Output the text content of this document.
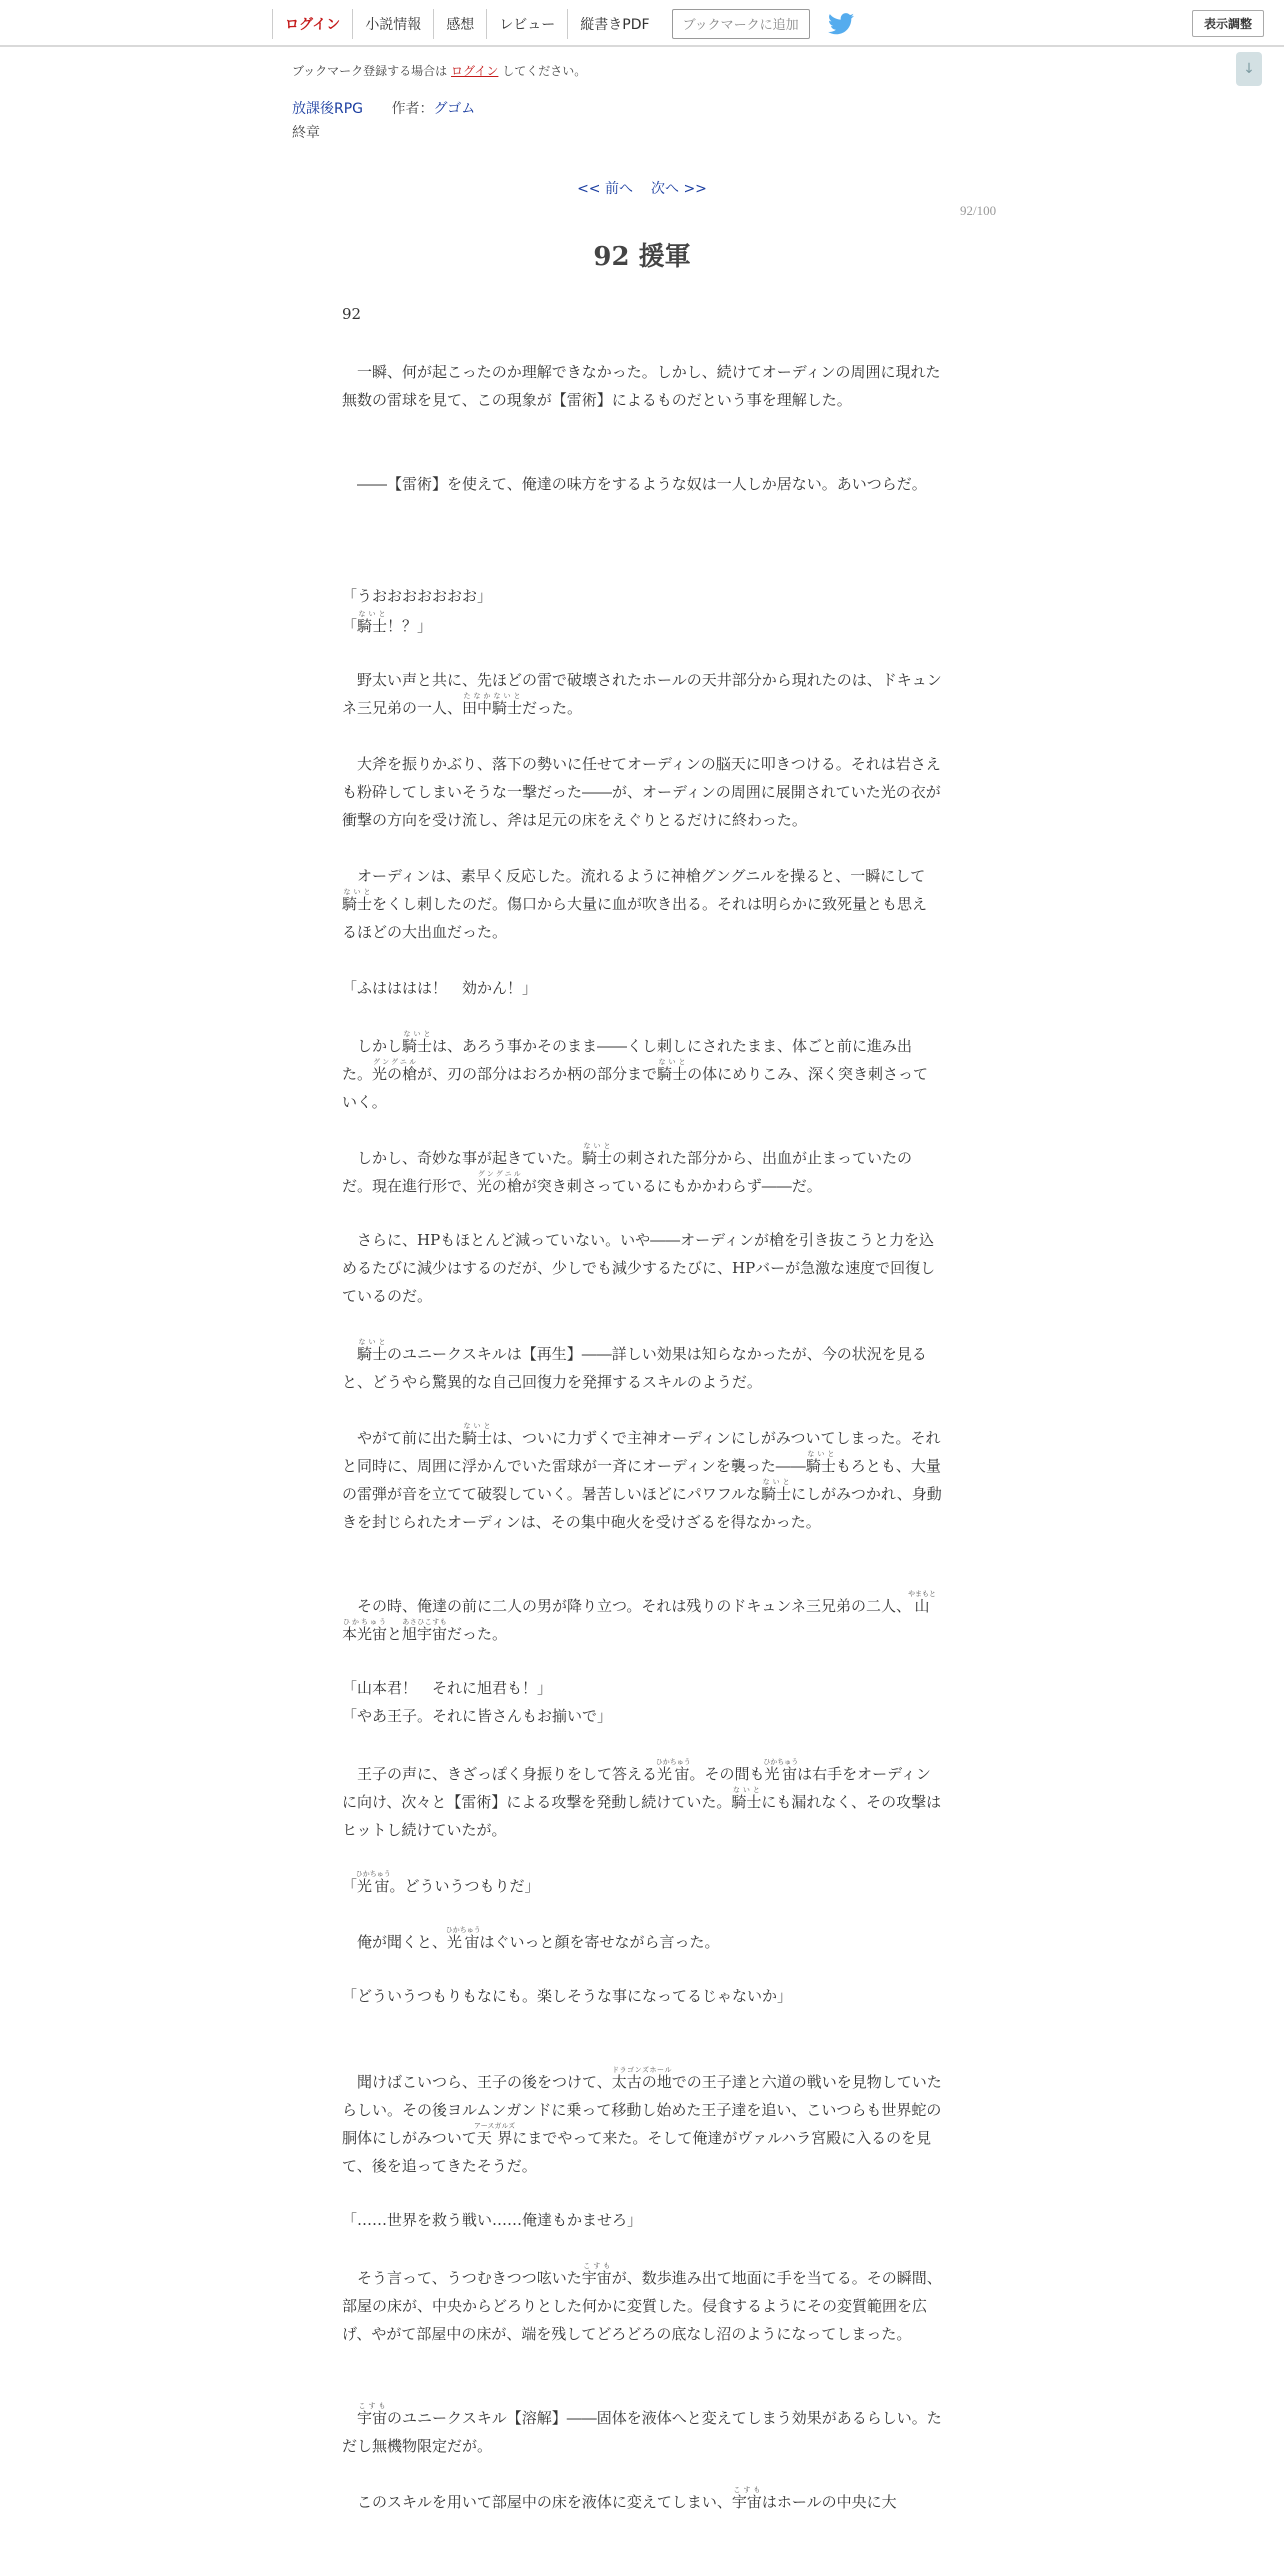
ログイン	小説情報	感想	レビュー	縦書きPDF	ブックマークに追加	表示調整
↓
ブックマーク登録する場合は ログイン してください。
放課後RPG 作者：グゴム
終章
<< 前へ 次へ >>
92/100
92 援軍
92
　一瞬、何が起こったのか理解できなかった。しかし、続けてオーディンの周囲に現れた無数の雷球を見て、この現象が【雷術】によるものだという事を理解した。
　――【雷術】を使えて、俺達の味方をするような奴は一人しか居ない。あいつらだ。
「うおおおおおおお」
「騎士ないと！？」
　野太い声と共に、先ほどの雷で破壊されたホールの天井部分から現れたのは、ドキュンネ三兄弟の一人、田中騎士たなかないとだった。
　大斧を振りかぶり、落下の勢いに任せてオーディンの脳天に叩きつける。それは岩さえも粉砕してしまいそうな一撃だった――が、オーディンの周囲に展開されていた光の衣が衝撃の方向を受け流し、斧は足元の床をえぐりとるだけに終わった。
　オーディンは、素早く反応した。流れるように神槍グングニルを操ると、一瞬にして騎士ないとをくし刺したのだ。傷口から大量に血が吹き出る。それは明らかに致死量とも思えるほどの大出血だった。
「ふはははは！　効かん！」
　しかし騎士ないとは、あろう事かそのまま――くし刺しにされたまま、体ごと前に進み出た。光の槍グングニルが、刃の部分はおろか柄の部分まで騎士ないとの体にめりこみ、深く突き刺さっていく。
　しかし、奇妙な事が起きていた。騎士ないとの刺された部分から、出血が止まっていたのだ。現在進行形で、光の槍グングニルが突き刺さっているにもかかわらず――だ。
　さらに、HPもほとんど減っていない。いや――オーディンが槍を引き抜こうと力を込めるたびに減少はするのだが、少しでも減少するたびに、HPバーが急激な速度で回復しているのだ。
　騎士ないとのユニークスキルは【再生】――詳しい効果は知らなかったが、今の状況を見ると、どうやら驚異的な自己回復力を発揮するスキルのようだ。
　やがて前に出た騎士ないとは、ついに力ずくで主神オーディンにしがみついてしまった。それと同時に、周囲に浮かんでいた雷球が一斉にオーディンを襲った――騎士ないともろとも、大量の雷弾が音を立てて破裂していく。暑苦しいほどにパワフルな騎士ないとにしがみつかれ、身動きを封じられたオーディンは、その集中砲火を受けざるを得なかった。
　その時、俺達の前に二人の男が降り立つ。それは残りのドキュンネ三兄弟の二人、山本光宙やまもとひかちゅうと旭宇宙あさひこすもだった。
「山本君！　それに旭君も！」
「やあ王子。それに皆さんもお揃いで」
　王子の声に、きざっぽく身振りをして答える光宙ひかちゅう。その間も光宙ひかちゅうは右手をオーディンに向け、次々と【雷術】による攻撃を発動し続けていた。騎士ないとにも漏れなく、その攻撃はヒットし続けていたが。
「光宙ひかちゅう。どういうつもりだ」
　俺が聞くと、光宙ひかちゅうはぐいっと顔を寄せながら言った。
「どういうつもりもなにも。楽しそうな事になってるじゃないか」
　聞けばこいつら、王子の後をつけて、太古の地ドラゴンズホールでの王子達と六道の戦いを見物していたらしい。その後ヨルムンガンドに乗って移動し始めた王子達を追い、こいつらも世界蛇の胴体にしがみついて天界アースガルズにまでやって来た。そして俺達がヴァルハラ宮殿に入るのを見て、後を追ってきたそうだ。
「……世界を救う戦い……俺達もかませろ」
　そう言って、うつむきつつ呟いた宇宙こすもが、数歩進み出て地面に手を当てる。その瞬間、部屋の床が、中央からどろりとした何かに変質した。侵食するようにその変質範囲を広げ、やがて部屋中の床が、端を残してどろどろの底なし沼のようになってしまった。
　宇宙こすものユニークスキル【溶解】――固体を液体へと変えてしまう効果があるらしい。ただし無機物限定だが。
　このスキルを用いて部屋中の床を液体に変えてしまい、宇宙こすもはホールの中央に大
